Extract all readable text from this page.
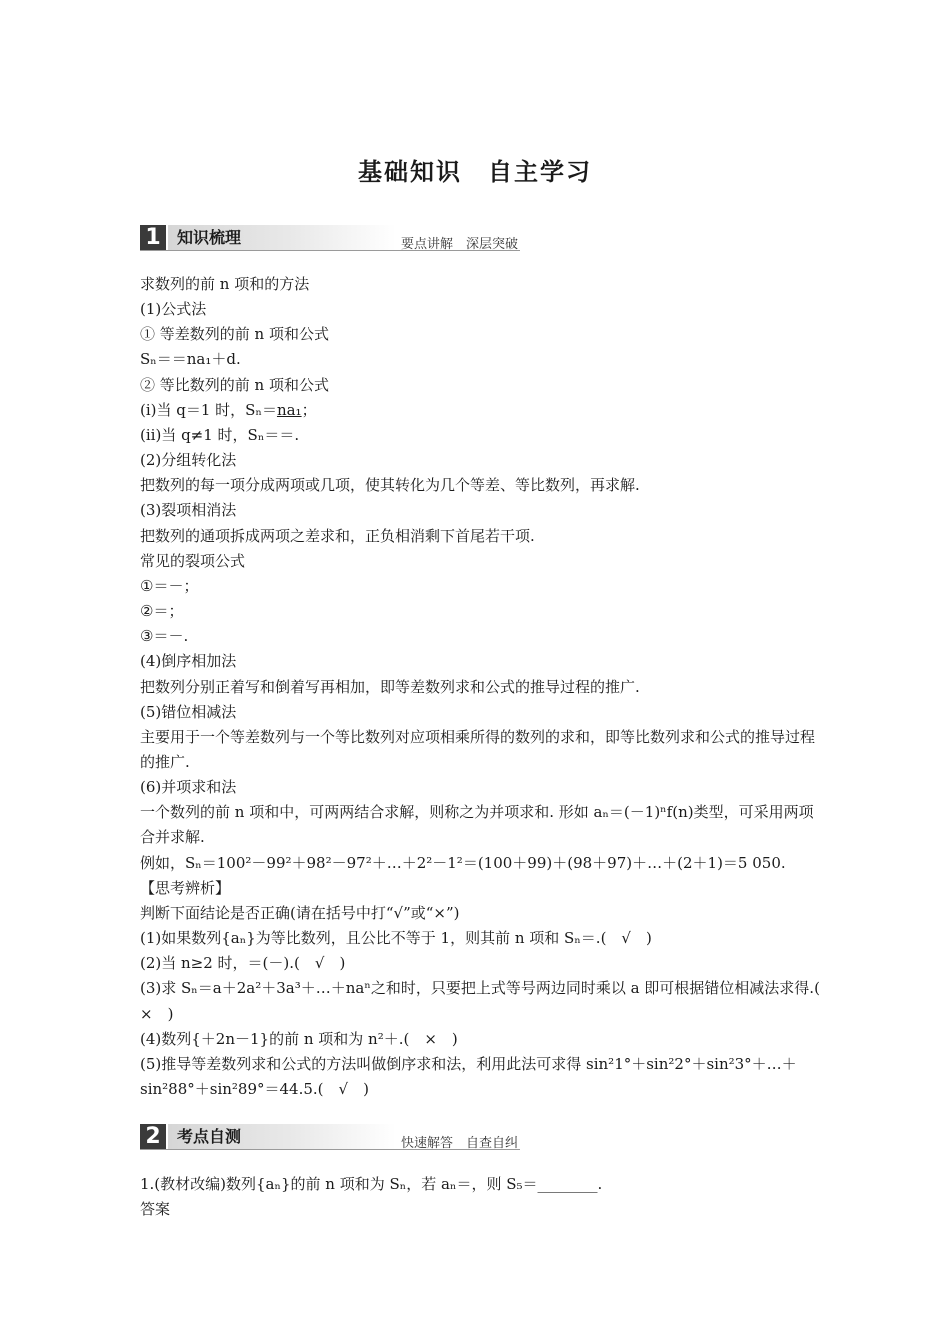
基础知识　自主学习
1	知识梳理	要点讲解　深层突破

求数列的前 n 项和的方法

(1)公式法

① 等差数列的前 n 项和公式

Sₙ＝＝na₁＋d.

② 等比数列的前 n 项和公式

(ⅰ)当 q＝1 时，Sₙ＝na₁；

(ⅱ)当 q≠1 时，Sₙ＝＝.

(2)分组转化法

把数列的每一项分成两项或几项，使其转化为几个等差、等比数列，再求解.

(3)裂项相消法

把数列的通项拆成两项之差求和，正负相消剩下首尾若干项.

常见的裂项公式

①＝－；

②＝；

③＝－.

(4)倒序相加法

把数列分别正着写和倒着写再相加，即等差数列求和公式的推导过程的推广.

(5)错位相减法

主要用于一个等差数列与一个等比数列对应项相乘所得的数列的求和，即等比数列求和公式的推导过程的推广.

(6)并项求和法

一个数列的前 n 项和中，可两两结合求解，则称之为并项求和. 形如 aₙ＝(－1)ⁿf(n)类型，可采用两项合并求解.

例如，Sₙ＝100²－99²＋98²－97²＋…＋2²－1²＝(100＋99)＋(98＋97)＋…＋(2＋1)＝5 050.

【思考辨析】

判断下面结论是否正确(请在括号中打“√”或“×”)

(1)如果数列{aₙ}为等比数列，且公比不等于 1，则其前 n 项和 Sₙ＝.(　√　)

(2)当 n≥2 时，＝(－).(　√　)

(3)求 Sₙ＝a＋2a²＋3a³＋…＋naⁿ之和时，只要把上式等号两边同时乘以 a 即可根据错位相减法求得.(　×　)

(4)数列{＋2n－1}的前 n 项和为 n²＋.(　×　)

(5)推导等差数列求和公式的方法叫做倒序求和法，利用此法可求得 sin²1°＋sin²2°＋sin²3°＋…＋sin²88°＋sin²89°＝44.5.(　√　)

2	考点自测	快速解答　自查自纠

1.(教材改编)数列{aₙ}的前 n 项和为 Sₙ，若 aₙ＝，则 S₅＝________.

答案
